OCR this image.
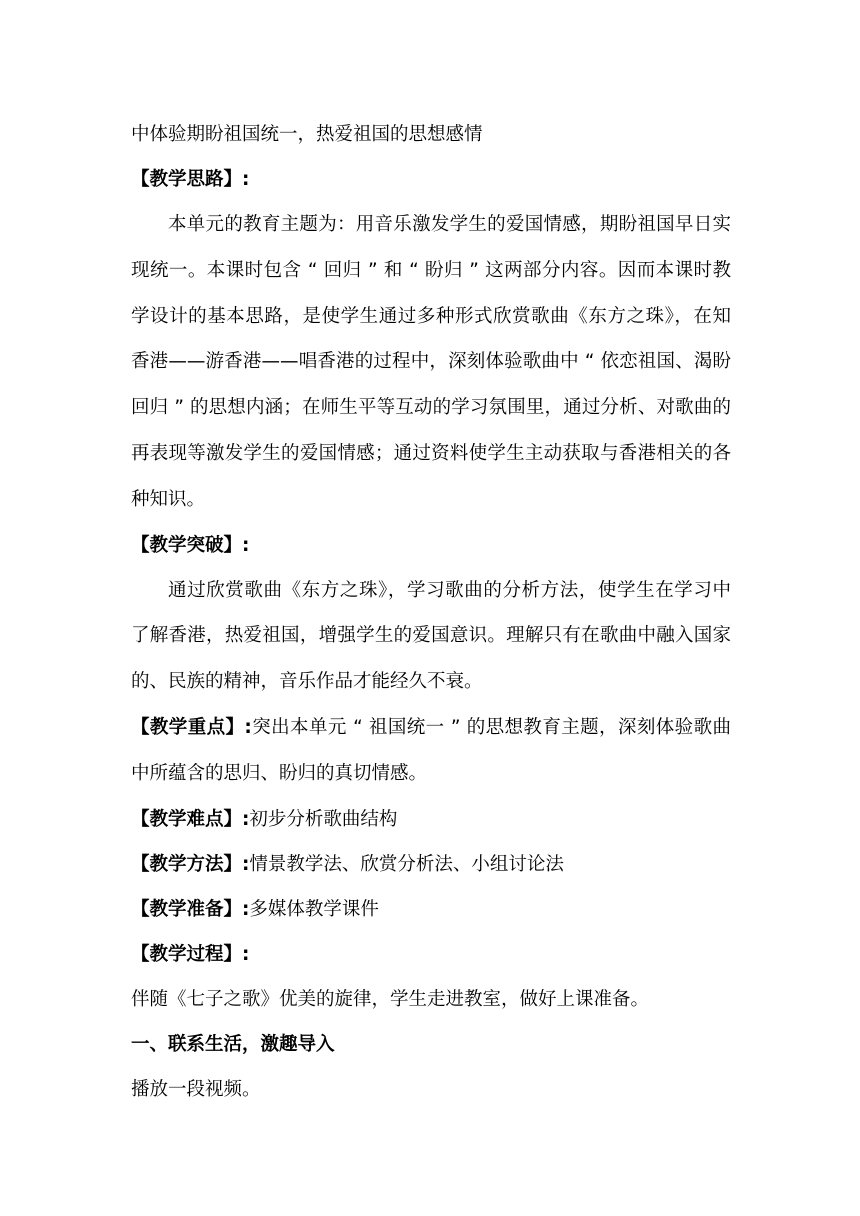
中体验期盼祖国统一，热爱祖国的思想感情
【教学思路】:

本单元的教育主题为：用音乐激发学生的爱国情感，期盼祖国早日实现统一。本课时包含 “ 回归 ” 和 “ 盼归 ” 这两部分内容。因而本课时教学设计的基本思路，是使学生通过多种形式欣赏歌曲《东方之珠》，在知香港——游香港——唱香港的过程中，深刻体验歌曲中 “ 依恋祖国、渴盼回归 ” 的思想内涵；在师生平等互动的学习氛围里，通过分析、对歌曲的再表现等激发学生的爱国情感；通过资料使学生主动获取与香港相关的各种知识。

【教学突破】:

通过欣赏歌曲《东方之珠》，学习歌曲的分析方法，使学生在学习中了解香港，热爱祖国，增强学生的爱国意识。理解只有在歌曲中融入国家的、民族的精神，音乐作品才能经久不衰。

【教学重点】:突出本单元 “ 祖国统一 ” 的思想教育主题，深刻体验歌曲中所蕴含的思归、盼归的真切情感。

【教学难点】:初步分析歌曲结构
【教学方法】:情景教学法、欣赏分析法、小组讨论法
【教学准备】:多媒体教学课件
【教学过程】:
伴随《七子之歌》优美的旋律，学生走进教室，做好上课准备。
一、联系生活，激趣导入
播放一段视频。
